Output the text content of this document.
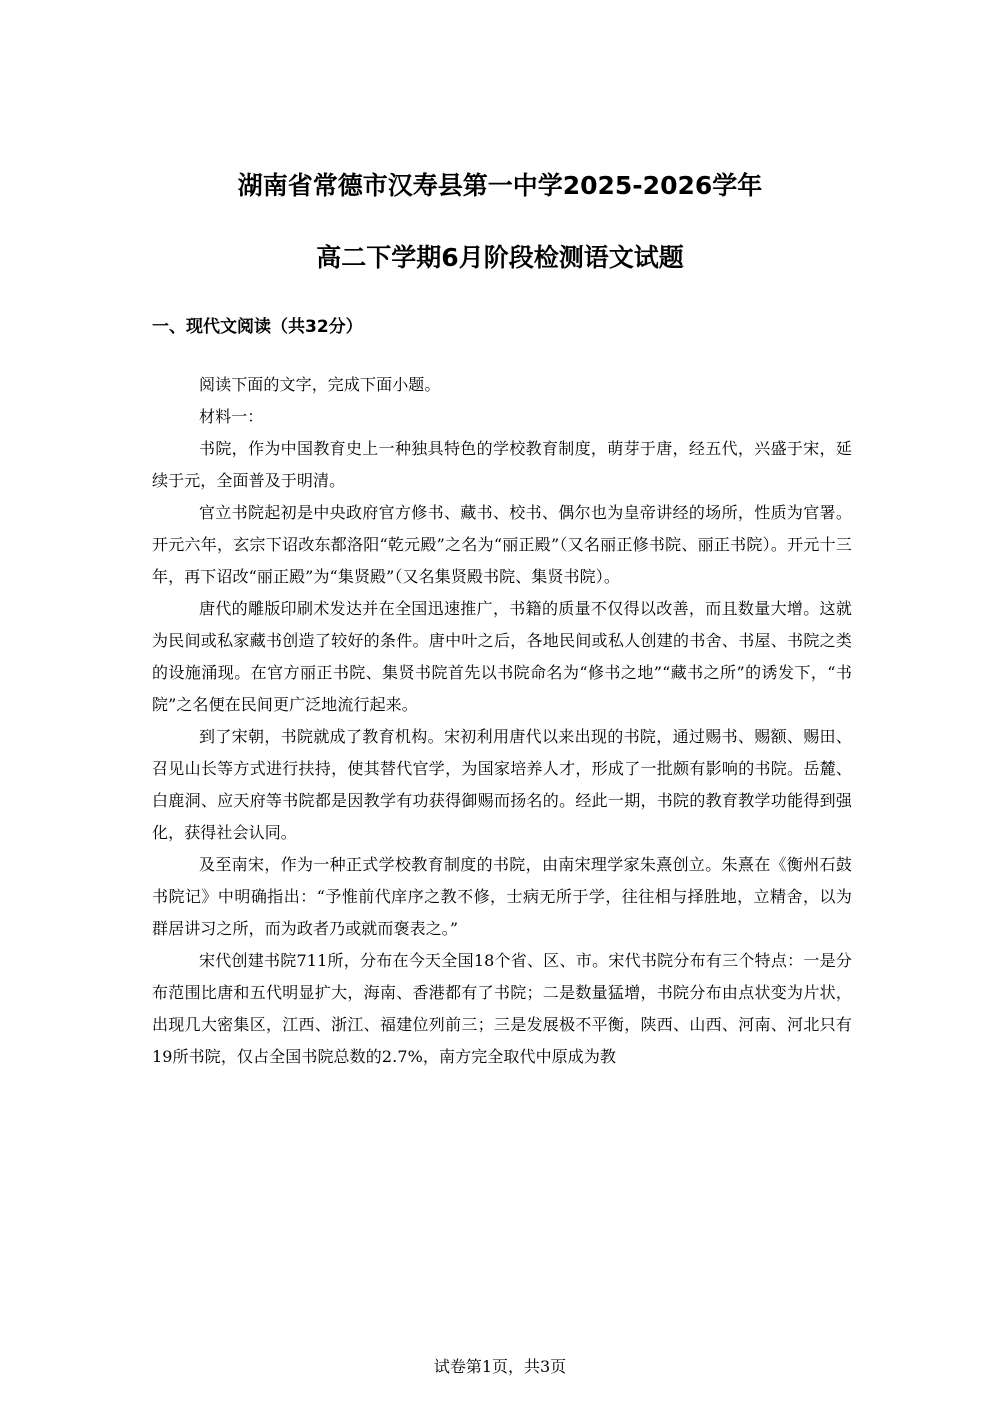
湖南省常德市汉寿县第一中学2025-2026学年
高二下学期6月阶段检测语文试题
一、现代文阅读（共32分）

阅读下面的文字，完成下面小题。

材料一：

书院，作为中国教育史上一种独具特色的学校教育制度，萌芽于唐，经五代，兴盛于宋，延续于元，全面普及于明清。

官立书院起初是中央政府官方修书、藏书、校书、偶尔也为皇帝讲经的场所，性质为官署。开元六年，玄宗下诏改东都洛阳“乾元殿”之名为“丽正殿”（又名丽正修书院、丽正书院）。开元十三年，再下诏改“丽正殿”为“集贤殿”（又名集贤殿书院、集贤书院）。

唐代的雕版印刷术发达并在全国迅速推广，书籍的质量不仅得以改善，而且数量大增。这就为民间或私家藏书创造了较好的条件。唐中叶之后，各地民间或私人创建的书舍、书屋、书院之类的设施涌现。在官方丽正书院、集贤书院首先以书院命名为“修书之地”“藏书之所”的诱发下，“书院”之名便在民间更广泛地流行起来。

到了宋朝，书院就成了教育机构。宋初利用唐代以来出现的书院，通过赐书、赐额、赐田、召见山长等方式进行扶持，使其替代官学，为国家培养人才，形成了一批颇有影响的书院。岳麓、白鹿洞、应天府等书院都是因教学有功获得御赐而扬名的。经此一期，书院的教育教学功能得到强化，获得社会认同。

及至南宋，作为一种正式学校教育制度的书院，由南宋理学家朱熹创立。朱熹在《衡州石鼓书院记》中明确指出：“予惟前代庠序之教不修，士病无所于学，往往相与择胜地，立精舍，以为群居讲习之所，而为政者乃或就而褒表之。”

宋代创建书院711所，分布在今天全国18个省、区、市。宋代书院分布有三个特点：一是分布范围比唐和五代明显扩大，海南、香港都有了书院；二是数量猛增，书院分布由点状变为片状，出现几大密集区，江西、浙江、福建位列前三；三是发展极不平衡，陕西、山西、河南、河北只有19所书院，仅占全国书院总数的2.7%，南方完全取代中原成为教

试卷第1页，共3页
